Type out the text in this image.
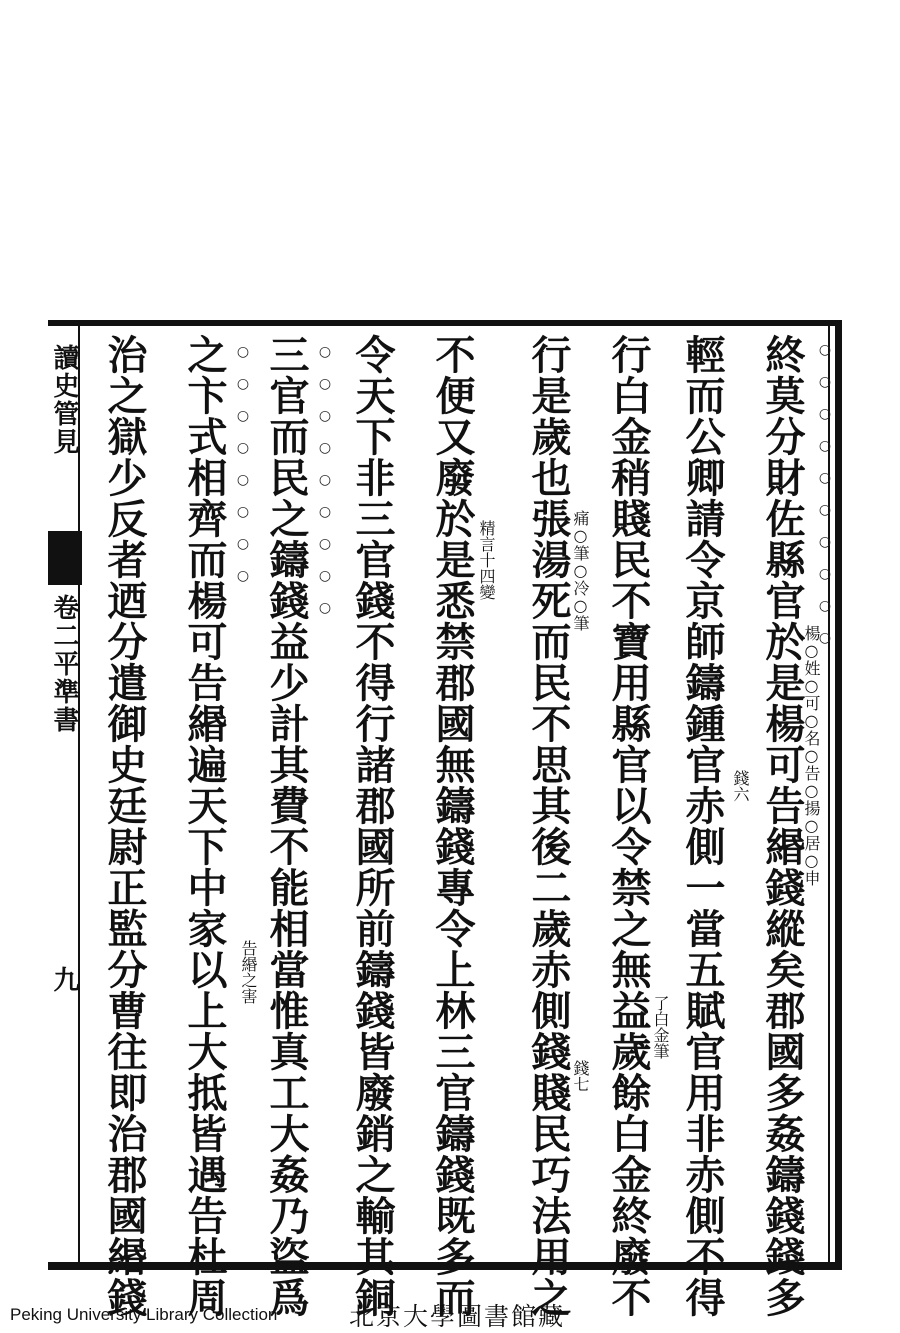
讀史管見
卷二平準書
九	終莫分財佐縣官於是楊可告緡錢縱矣郡國多姦鑄錢錢多
輕而公卿請令京師鑄鍾官赤側一當五賦官用非赤側不得
行白金稍賤民不寶用縣官以令禁之無益歲餘白金終廢不
行是歲也張湯死而民不思其後二歲赤側錢賤民巧法用之
不便又廢於是悉禁郡國無鑄錢專令上林三官鑄錢既多而
令天下非三官錢不得行諸郡國所前鑄錢皆廢銷之輸其銅
三官而民之鑄錢益少計其費不能相當惟真工大姦乃盜爲
之卞式相齊而楊可告緡遍天下中家以上大抵皆遇告杜周
治之獄少反者迺分遣御史廷尉正監分曹往即治郡國緡錢	○○○○○○○○○○
○○○○○○○○○
○○○○○○○○
楊○姓○可○名○告○揚○居○申
錢六
了白金筆
錢七
痛○筆○冷○筆
精言十四變
告緡之害
Peking University Library Collection	北京大學圖書館藏
